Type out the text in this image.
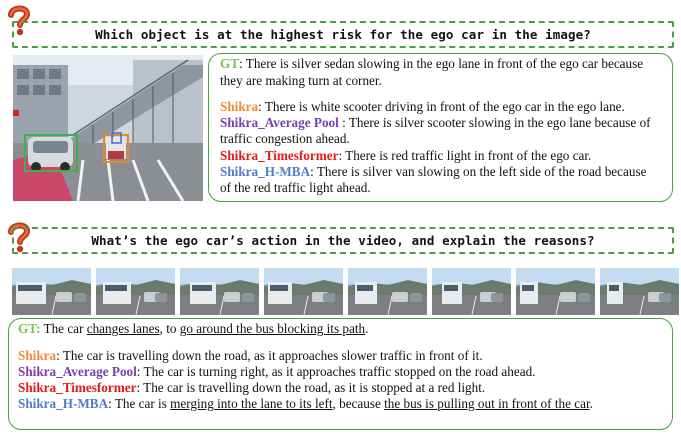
Which object is at the highest risk for the ego car in the image?
GT: There is silver sedan slowing in the ego lane in front of the ego car because
they are making turn at corner.
Shikra: There is white scooter driving in front of the ego car in the ego lane.
Shikra_Average Pool : There is silver scooter slowing in the ego lane because of
traffic congestion ahead.
Shikra_Timesformer: There is red traffic light in front of the ego car.
Shikra_H-MBA: There is silver van slowing on the left side of the road because
of the red traffic light ahead.
What’s the ego car’s action in the video, and explain the reasons?
GT: The car changes lanes, to go around the bus blocking its path.
Shikra: The car is travelling down the road, as it approaches slower traffic in front of it.
Shikra_Average Pool: The car is turning right, as it approaches traffic stopped on the road ahead.
Shikra_Timesformer: The car is travelling down the road, as it is stopped at a red light.
Shikra_H-MBA: The car is merging into the lane to its left, because the bus is pulling out in front of the car.
